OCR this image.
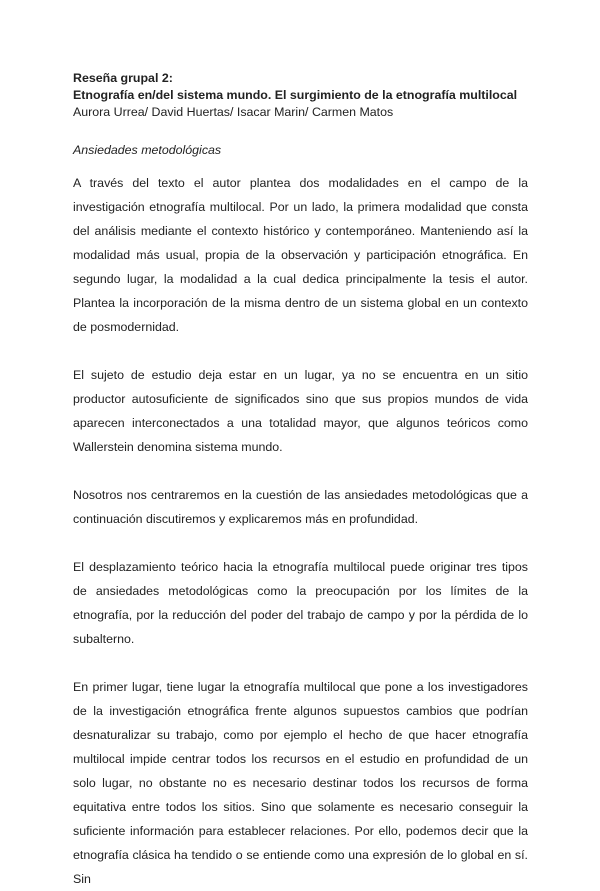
Reseña grupal 2:

Etnografía en/del sistema mundo. El surgimiento de la etnografía multilocal

Aurora Urrea/ David Huertas/ Isacar Marin/ Carmen Matos

Ansiedades metodológicas

A través del texto el autor plantea dos modalidades en el campo de la investigación etnografía multilocal. Por un lado, la primera modalidad que consta del análisis mediante el contexto histórico y contemporáneo. Manteniendo así la modalidad más usual, propia de la observación y participación etnográfica. En segundo lugar, la modalidad a la cual dedica principalmente la tesis el autor. Plantea la incorporación de la misma dentro de un sistema global en un contexto de posmodernidad.

El sujeto de estudio deja estar en un lugar, ya no se encuentra en un sitio productor autosuficiente de significados sino que sus propios mundos de vida aparecen interconectados a una totalidad mayor, que algunos teóricos como Wallerstein denomina sistema mundo.

Nosotros nos centraremos en la cuestión de las ansiedades metodológicas que a continuación discutiremos y explicaremos más en profundidad.

El desplazamiento teórico hacia la etnografía multilocal puede originar tres tipos de ansiedades metodológicas como la preocupación por los límites de la etnografía, por la reducción del poder del trabajo de campo y por la pérdida de lo subalterno.

En primer lugar, tiene lugar la etnografía multilocal que pone a los investigadores de la investigación etnográfica frente algunos supuestos cambios que podrían desnaturalizar su trabajo, como por ejemplo el hecho de que hacer etnografía multilocal impide centrar todos los recursos en el estudio en profundidad de un solo lugar, no obstante no es necesario destinar todos los recursos de forma equitativa entre todos los sitios. Sino que solamente es necesario conseguir la suficiente información para establecer relaciones. Por ello, podemos decir que la etnografía clásica ha tendido o se entiende como una expresión de lo global en sí. Sin
